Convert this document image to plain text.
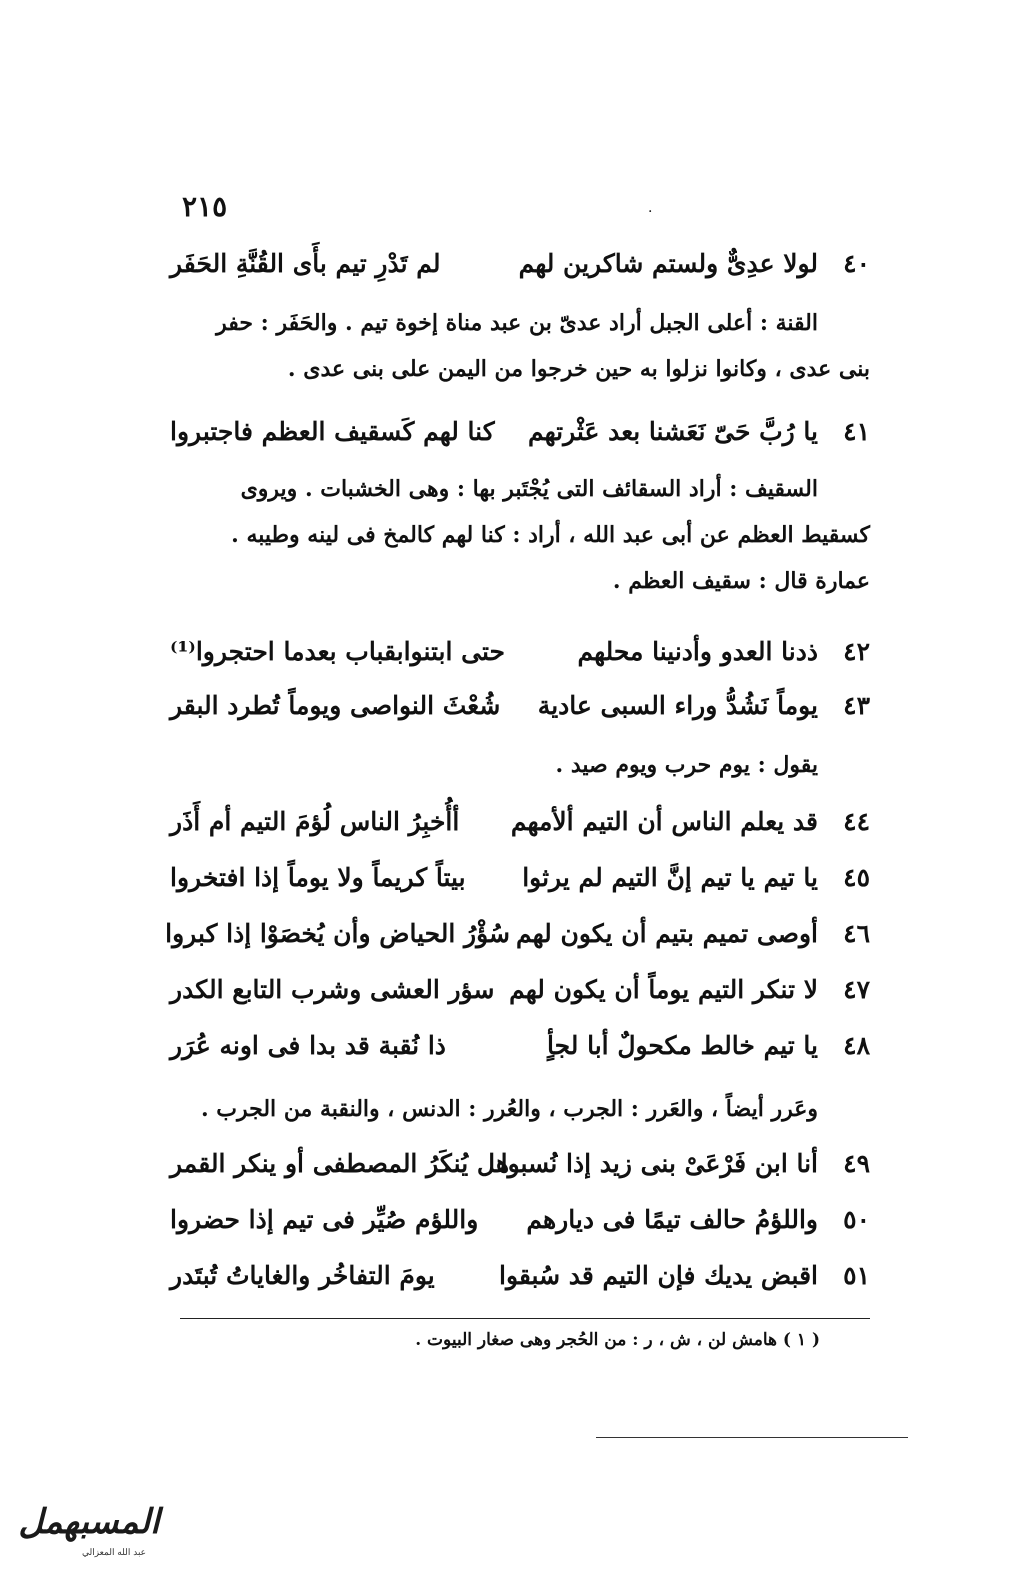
٢١٥	·
٤٠
لولا عدِىٌّ ولستم شاكرين لهم
لم تَدْرِ تيم بأَى القُنَّةِ الحَفَر
القنة : أعلى الجبل أراد عدىّ بن عبد مناة إخوة تيم . والحَفَر : حفر
بنى عدى ، وكانوا نزلوا به حين خرجوا من اليمن على بنى عدى .
٤١
يا رُبَّ حَىّ نَعَشنا بعد عَثْرتهم
كنا لهم كَسقيف العظم فاجتبروا
السقيف : أراد السقائف التى يُجْتَبر بها : وهى الخشبات . ويروى
كسقيط العظم عن أبى عبد الله ، أراد : كنا لهم كالمخ فى لينه وطيبه .
عمارة قال : سقيف العظم .
٤٢
ذدنا العدو وأدنينا محلهم
حتى ابتنوابقباب بعدما احتجروا⁽¹⁾
٤٣
يوماً نَشُدُّ وراء السبى عادية
شُعْثَ النواصى ويوماً تُطرد البقر
يقول : يوم حرب ويوم صيد .
٤٤
قد يعلم الناس أن التيم ألأمهم
أأُخبِرُ الناس لُؤمَ التيم أم أَذَر
٤٥
يا تيم يا تيم إنَّ التيم لم يرثوا
بيتاً كريماً ولا يوماً إذا افتخروا
٤٦
أوصى تميم بتيم أن يكون لهم
سُؤْرُ الحياض وأن يُخصَوْا إذا كبروا
٤٧
لا تنكر التيم يوماً أن يكون لهم
سؤر العشى وشرب التابع الكدر
٤٨
يا تيم خالط مكحولٌ أبا لجأٍ
ذا نُقبة قد بدا فى اونه عُرَر
وعَرر أيضاً ، والعَرر : الجرب ، والعُرر : الدنس ، والنقبة من الجرب .
٤٩
أنا ابن فَرْعَىْ بنى زيد إذا نُسبوا
هل يُنكَرُ المصطفى أو ينكر القمر
٥٠
واللؤمُ حالف تيمًا فى ديارهم
واللؤم صُيِّر فى تيم إذا حضروا
٥١
اقبض يديك فإن التيم قد سُبقوا
يومَ التفاخُر والغاياتُ تُبتَدر
( ١ ) هامش لن ، ش ، ر : من الحُجر وهى صغار البيوت .
المسبهمل
عبد الله المعزالي
